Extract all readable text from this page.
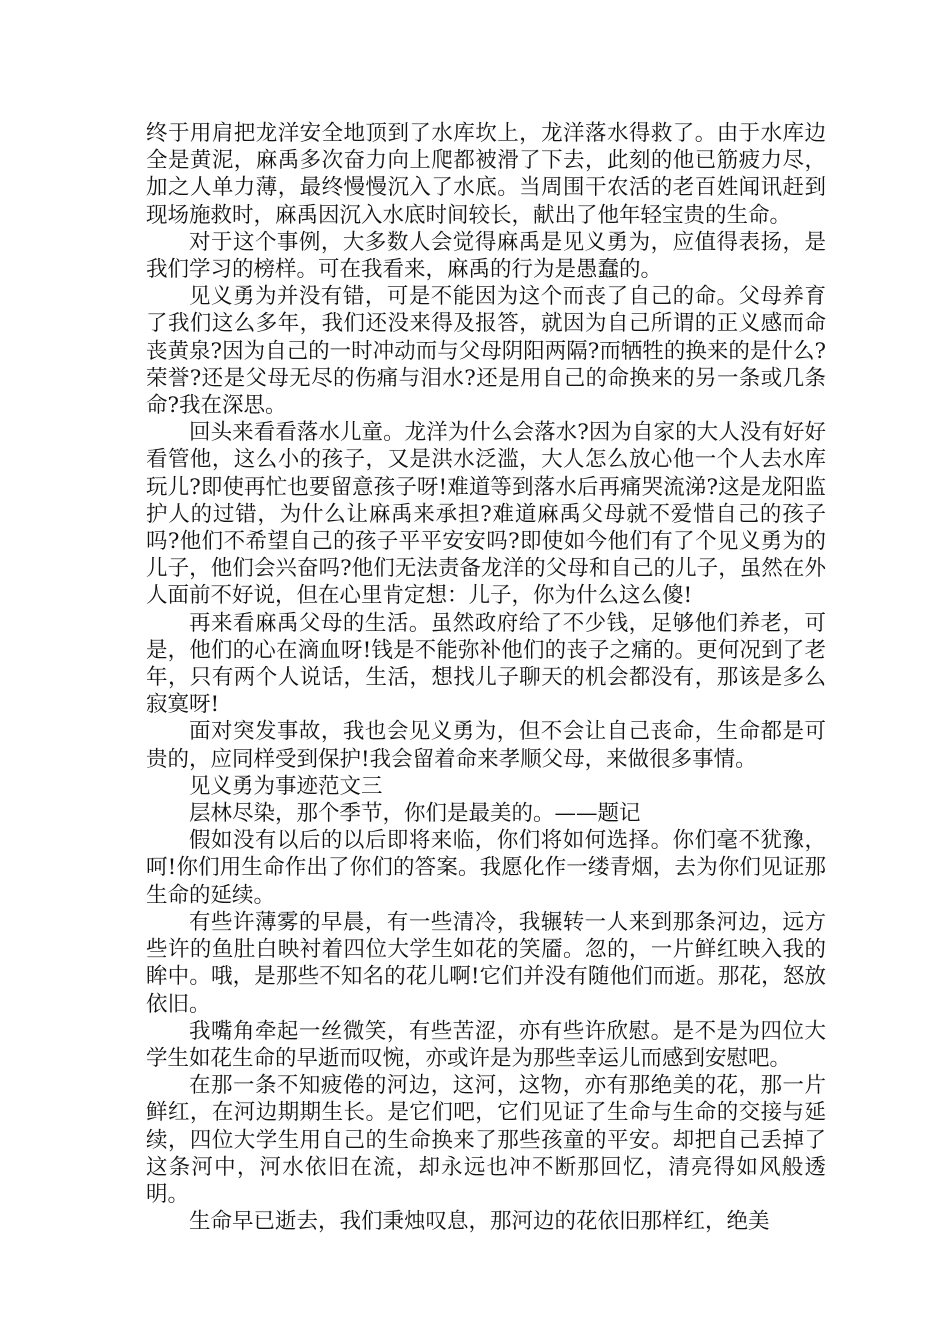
终于用肩把龙洋安全地顶到了水库坎上，龙洋落水得救了。由于水库边全是黄泥，麻禹多次奋力向上爬都被滑了下去，此刻的他已筋疲力尽，加之人单力薄，最终慢慢沉入了水底。当周围干农活的老百姓闻讯赶到现场施救时，麻禹因沉入水底时间较长，献出了他年轻宝贵的生命。

对于这个事例，大多数人会觉得麻禹是见义勇为，应值得表扬，是我们学习的榜样。可在我看来，麻禹的行为是愚蠢的。

见义勇为并没有错，可是不能因为这个而丧了自己的命。父母养育了我们这么多年，我们还没来得及报答，就因为自己所谓的正义感而命丧黄泉?因为自己的一时冲动而与父母阴阳两隔?而牺牲的换来的是什么?荣誉?还是父母无尽的伤痛与泪水?还是用自己的命换来的另一条或几条命?我在深思。

回头来看看落水儿童。龙洋为什么会落水?因为自家的大人没有好好看管他，这么小的孩子，又是洪水泛滥，大人怎么放心他一个人去水库玩儿?即使再忙也要留意孩子呀!难道等到落水后再痛哭流涕?这是龙阳监护人的过错，为什么让麻禹来承担?难道麻禹父母就不爱惜自己的孩子吗?他们不希望自己的孩子平平安安吗?即使如今他们有了个见义勇为的儿子，他们会兴奋吗?他们无法责备龙洋的父母和自己的儿子，虽然在外人面前不好说，但在心里肯定想：儿子，你为什么这么傻!

再来看麻禹父母的生活。虽然政府给了不少钱，足够他们养老，可是，他们的心在滴血呀!钱是不能弥补他们的丧子之痛的。更何况到了老年，只有两个人说话，生活，想找儿子聊天的机会都没有，那该是多么寂寞呀!

面对突发事故，我也会见义勇为，但不会让自己丧命，生命都是可贵的，应同样受到保护!我会留着命来孝顺父母，来做很多事情。

见义勇为事迹范文三

层林尽染，那个季节，你们是最美的。——题记

假如没有以后的以后即将来临，你们将如何选择。你们毫不犹豫，呵!你们用生命作出了你们的答案。我愿化作一缕青烟，去为你们见证那生命的延续。

有些许薄雾的早晨，有一些清冷，我辗转一人来到那条河边，远方些许的鱼肚白映衬着四位大学生如花的笑靥。忽的，一片鲜红映入我的眸中。哦，是那些不知名的花儿啊!它们并没有随他们而逝。那花，怒放依旧。

我嘴角牵起一丝微笑，有些苦涩，亦有些许欣慰。是不是为四位大学生如花生命的早逝而叹惋，亦或许是为那些幸运儿而感到安慰吧。

在那一条不知疲倦的河边，这河，这物，亦有那绝美的花，那一片鲜红，在河边期期生长。是它们吧，它们见证了生命与生命的交接与延续，四位大学生用自己的生命换来了那些孩童的平安。却把自己丢掉了这条河中，河水依旧在流，却永远也冲不断那回忆，清亮得如风般透明。

生命早已逝去，我们秉烛叹息，那河边的花依旧那样红，绝美
